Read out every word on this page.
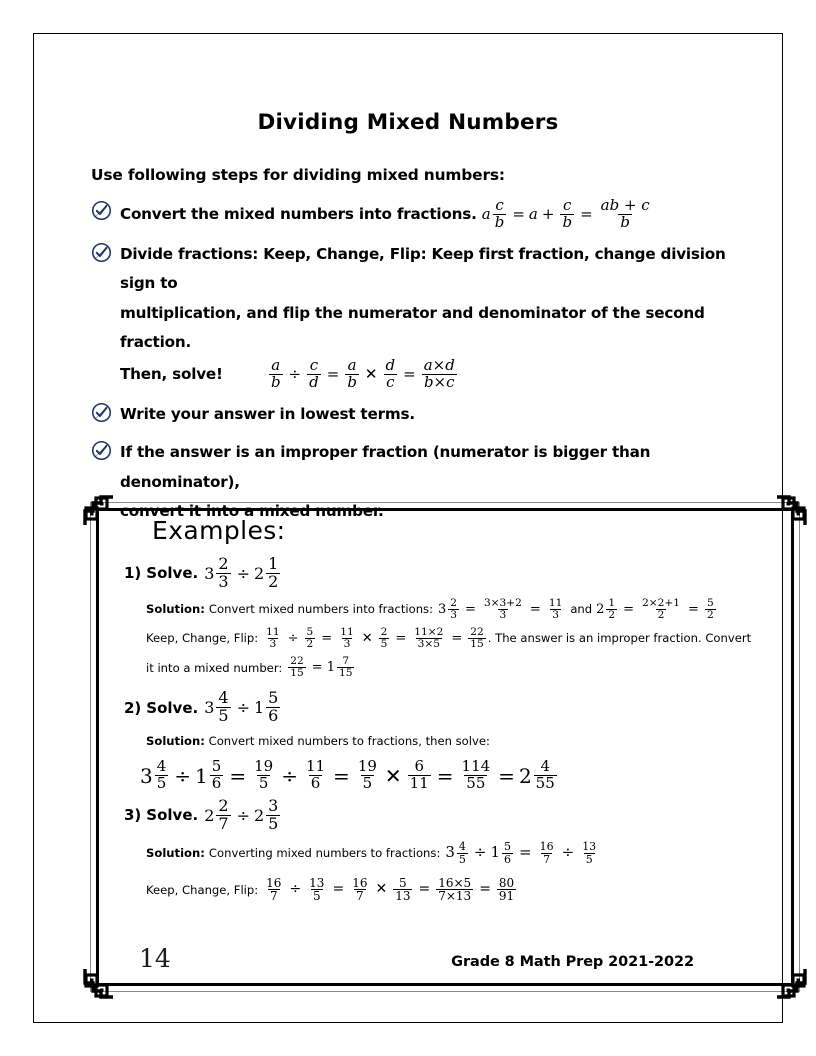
Dividing Mixed Numbers
Use following steps for dividing mixed numbers:
Convert the mixed numbers into fractions. a $\frac{c}{b} = a + \frac{c}{b} = \frac{ab + c}{b}$
Divide fractions: Keep, Change, Flip: Keep first fraction, change division sign to
multiplication, and flip the numerator and denominator of the second fraction.
Then, solve!	$\frac{a}{b} \div \frac{c}{d} = \frac{a}{b}$ ✕ $\frac{d}{c} = \frac{a\times d}{b\times c}$
Write your answer in lowest terms.
If the answer is an improper fraction (numerator is bigger than denominator),
convert it into a mixed number.
Examples:
1) Solve. $3 \frac{2}{3} \div 2 \frac{1}{2}$
Solution: Convert mixed numbers into fractions: $3 \frac{2}{3} = \frac{3\times 3+2}{3} = \frac{11}{3}$ and $2 \frac{1}{2} = \frac{2\times 2+1}{2} = \frac{5}{2}$
Keep, Change, Flip: $\frac{11}{3} \div \frac{5}{2} = \frac{11}{3}$ ✕ $\frac{2}{5} = \frac{11\times 2}{3\times 5} = \frac{22}{15}$ . The answer is an improper fraction. Convert
it into a mixed number: $\frac{22}{15} = 1 \frac{7}{15}$
2) Solve. $3 \frac{4}{5} \div 1 \frac{5}{6}$
Solution: Convert mixed numbers to fractions, then solve:
$3 \frac{4}{5} \div 1 \frac{5}{6} = \frac{19}{5} \div \frac{11}{6} = \frac{19}{5}$ ✕ $\frac{6}{11} = \frac{114}{55} = 2 \frac{4}{55}$
3) Solve. $2 \frac{2}{7} \div 2 \frac{3}{5}$
Solution: Converting mixed numbers to fractions: $3 \frac{4}{5} \div 1 \frac{5}{6} = \frac{16}{7} \div \frac{13}{5}$
Keep, Change, Flip: $\frac{16}{7} \div \frac{13}{5} = \frac{16}{7}$ ✕ $\frac{5}{13} = \frac{16\times 5}{7\times 13} = \frac{80}{91}$
14	Grade 8 Math Prep 2021-2022
